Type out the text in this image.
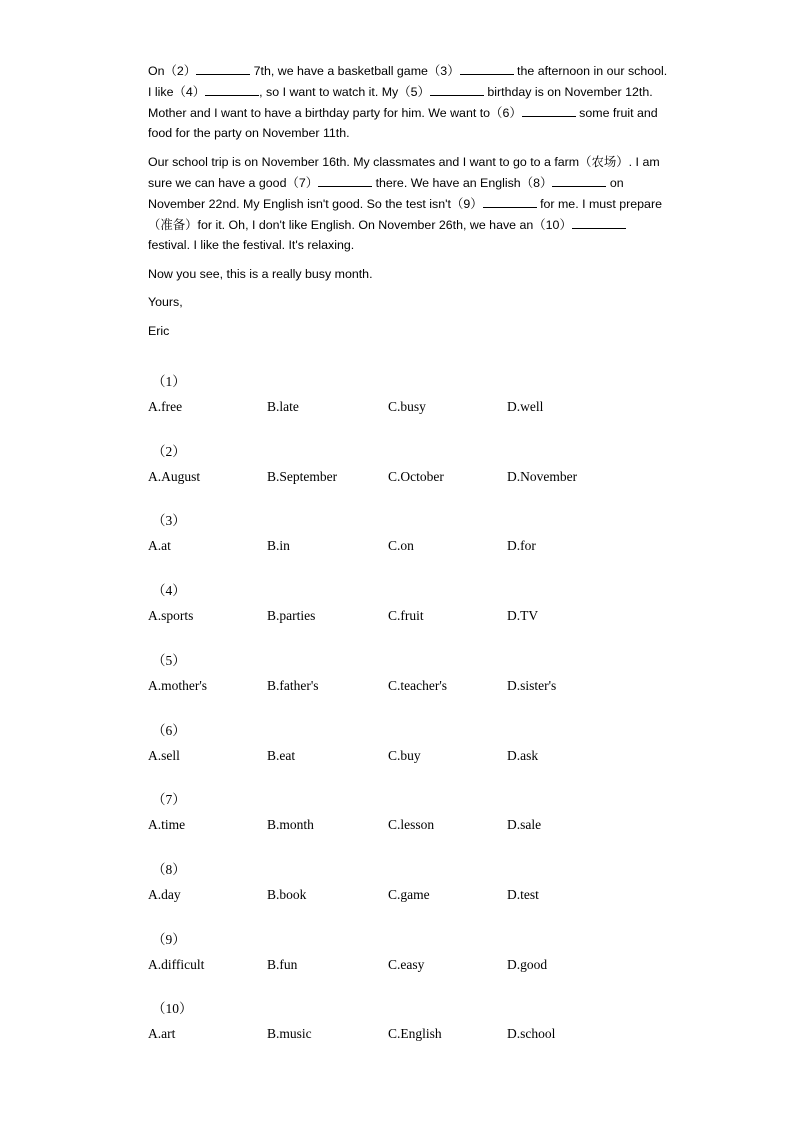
On（2）	7th, we have a basketball game（3）	the afternoon in our school. I like（4）	, so I want to watch it. My（5）	birthday is on November 12th. Mother and I want to have a birthday party for him. We want to（6）	some fruit and food for the party on November 11th.

Our school trip is on November 16th. My classmates and I want to go to a farm（农场）. I am sure we can have a good（7）	there. We have an English（8）	on November 22nd. My English isn't good. So the test isn't（9）	for me. I must prepare（准备）for it. Oh, I don't like English. On November 26th, we have an（10） festival. I like the festival. It's relaxing.

Now you see, this is a really busy month.

Yours,
Eric
（1）
A.free	B.late	C.busy	D.well
（2）
A.August	B.September	C.October	D.November
（3）
A.at	B.in	C.on	D.for
（4）
A.sports	B.parties	C.fruit	D.TV
（5）
A.mother's	B.father's	C.teacher's	D.sister's
（6）
A.sell	B.eat	C.buy	D.ask
（7）
A.time	B.month	C.lesson	D.sale
（8）
A.day	B.book	C.game	D.test
（9）
A.difficult	B.fun	C.easy	D.good
（10）
A.art	B.music	C.English	D.school
